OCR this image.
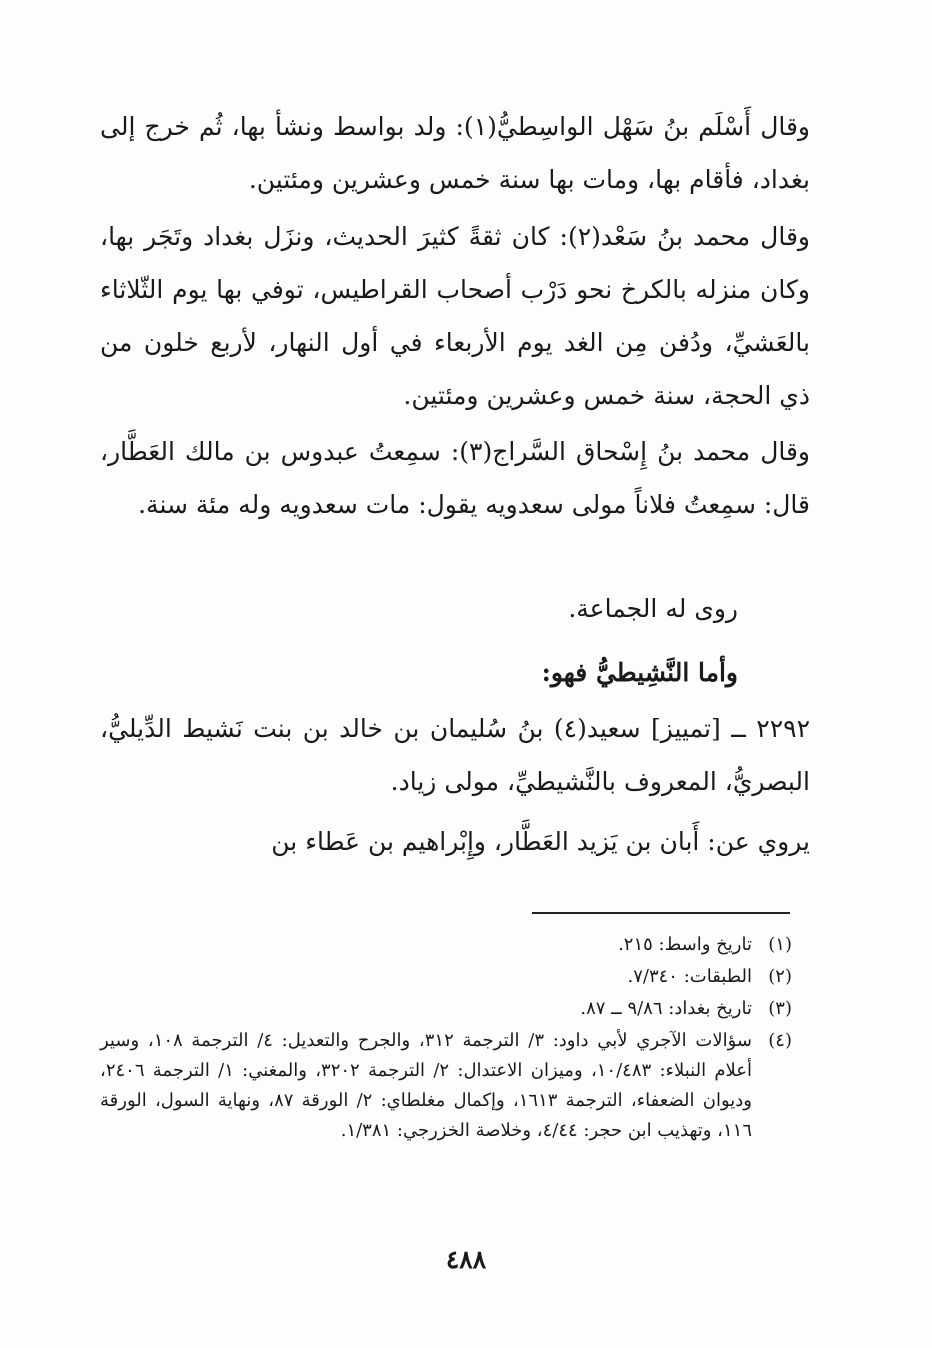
وقال أَسْلَم بنُ سَهْل الواسِطيُّ(١): ولد بواسط ونشأ بها، ثُم خرج إلى بغداد، فأقام بها، ومات بها سنة خمس وعشرين ومئتين.
وقال محمد بنُ سَعْد(٢): كان ثقةً كثيرَ الحديث، ونزَل بغداد وتَجَر بها، وكان منزله بالكرخ نحو دَرْب أصحاب القراطيس، توفي بها يوم الثّلاثاء بالعَشيِّ، ودُفن مِن الغد يوم الأربعاء في أول النهار، لأربع خلون من ذي الحجة، سنة خمس وعشرين ومئتين.
وقال محمد بنُ إِسْحاق السَّراج(٣): سمِعتُ عبدوس بن مالك العَطَّار، قال: سمِعتُ فلاناً مولى سعدويه يقول: مات سعدويه وله مئة سنة.
روى له الجماعة.
وأما النَّشِيطيُّ فهو:
٢٢٩٢ ــ [تمييز] سعيد(٤) بنُ سُليمان بن خالد بن بنت نَشيط الدِّيليُّ، البصريُّ، المعروف بالنَّشيطيِّ، مولى زياد.
يروي عن: أَبان بن يَزيد العَطَّار، وإِبْراهيم بن عَطاء بن
(١)
تاريخ واسط: ٢١٥.
(٢)
الطبقات: ٧/٣٤٠.
(٣)
تاريخ بغداد: ٩/٨٦ ــ ٨٧.
(٤)
سؤالات الآجري لأبي داود: ٣/ الترجمة ٣١٢، والجرح والتعديل: ٤/ الترجمة ١٠٨، وسير أعلام النبلاء: ١٠/٤٨٣، وميزان الاعتدال: ٢/ الترجمة ٣٢٠٢، والمغني: ١/ الترجمة ٢٤٠٦، وديوان الضعفاء، الترجمة ١٦١٣، وإكمال مغلطاي: ٢/ الورقة ٨٧، ونهاية السول، الورقة ١١٦، وتهذيب ابن حجر: ٤/٤٤، وخلاصة الخزرجي: ١/٣٨١.
٤٨٨
